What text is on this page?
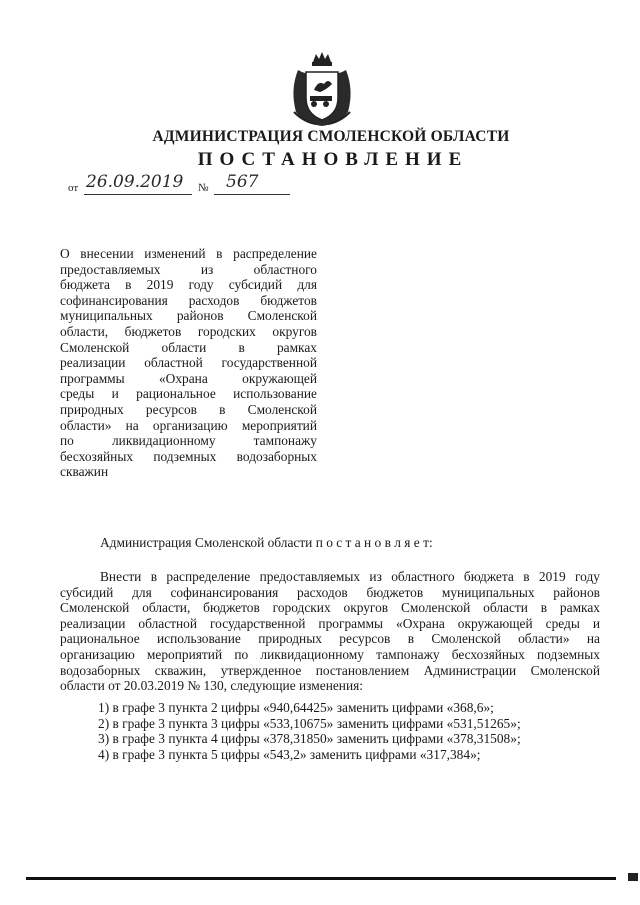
АДМИНИСТРАЦИЯ СМОЛЕНСКОЙ ОБЛАСТИ
ПОСТАНОВЛЕНИЕ
от 26.09.2019 № 567
О внесении изменений в распределение
предоставляемых из областного
бюджета в 2019 году субсидий для
софинансирования расходов бюджетов
муниципальных районов Смоленской
области, бюджетов городских округов
Смоленской области в рамках
реализации областной государственной
программы «Охрана окружающей
среды и рациональное использование
природных ресурсов в Смоленской
области» на организацию мероприятий
по ликвидационному тампонажу
бесхозяйных подземных водозаборных
скважин
Администрация Смоленской области п о с т а н о в л я е т:
Внести в распределение предоставляемых из областного бюджета в 2019 году
субсидий для софинансирования расходов бюджетов муниципальных районов
Смоленской области, бюджетов городских округов Смоленской области в рамках
реализации областной государственной программы «Охрана окружающей среды и
рациональное использование природных ресурсов в Смоленской области» на
организацию мероприятий по ликвидационному тампонажу бесхозяйных подземных
водозаборных скважин, утвержденное постановлением Администрации Смоленской
области от 20.03.2019 № 130, следующие изменения:
1) в графе 3 пункта 2 цифры «940,64425» заменить цифрами «368,6»;
2) в графе 3 пункта 3 цифры «533,10675» заменить цифрами «531,51265»;
3) в графе 3 пункта 4 цифры «378,31850» заменить цифрами «378,31508»;
4) в графе 3 пункта 5 цифры «543,2» заменить цифрами «317,384»;
